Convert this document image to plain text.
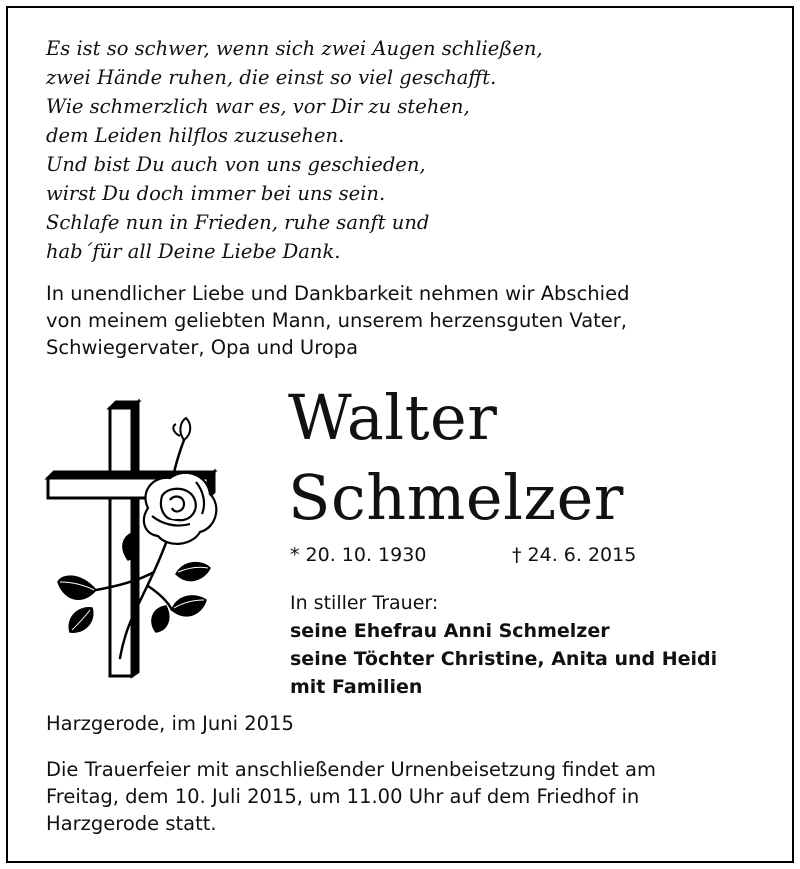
Es ist so schwer, wenn sich zwei Augen schließen,
zwei Hände ruhen, die einst so viel geschafft.
Wie schmerzlich war es, vor Dir zu stehen,
dem Leiden hilflos zuzusehen.
Und bist Du auch von uns geschieden,
wirst Du doch immer bei uns sein.
Schlafe nun in Frieden, ruhe sanft und
hab´für all Deine Liebe Dank.
In unendlicher Liebe und Dankbarkeit nehmen wir Abschied
von meinem geliebten Mann, unserem herzensguten Vater,
Schwiegervater, Opa und Uropa
Walter
Schmelzer
* 20. 10. 1930	† 24. 6. 2015
In stiller Trauer:
seine Ehefrau Anni Schmelzer
seine Töchter Christine, Anita und Heidi
mit Familien
Harzgerode, im Juni 2015
Die Trauerfeier mit anschließender Urnenbeisetzung findet am
Freitag, dem 10. Juli 2015, um 11.00 Uhr auf dem Friedhof in
Harzgerode statt.
